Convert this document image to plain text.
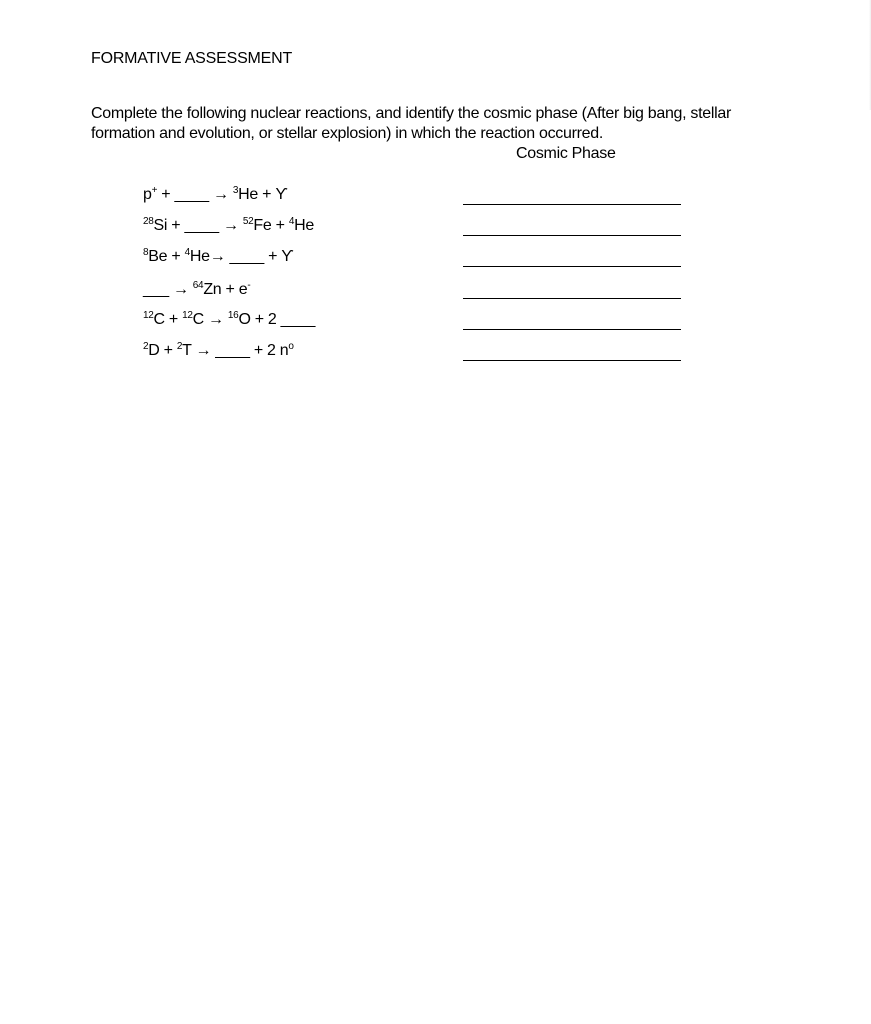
FORMATIVE ASSESSMENT
Complete the following nuclear reactions, and identify the cosmic phase (After big bang, stellar formation and evolution, or stellar explosion) in which the reaction occurred.
Cosmic Phase
p+ + ____ → $^3$He + ϒ
$^{28}$Si + ____ → $^{52}$Fe + $^4$He
$^8$Be + $^4$He→ ____ + ϒ
___ → $^{64}$Zn + e-
$^{12}$C + $^{12}$C → $^{16}$O + 2 ____
$^2$D + $^2$T → ____ + 2 $n^o$
